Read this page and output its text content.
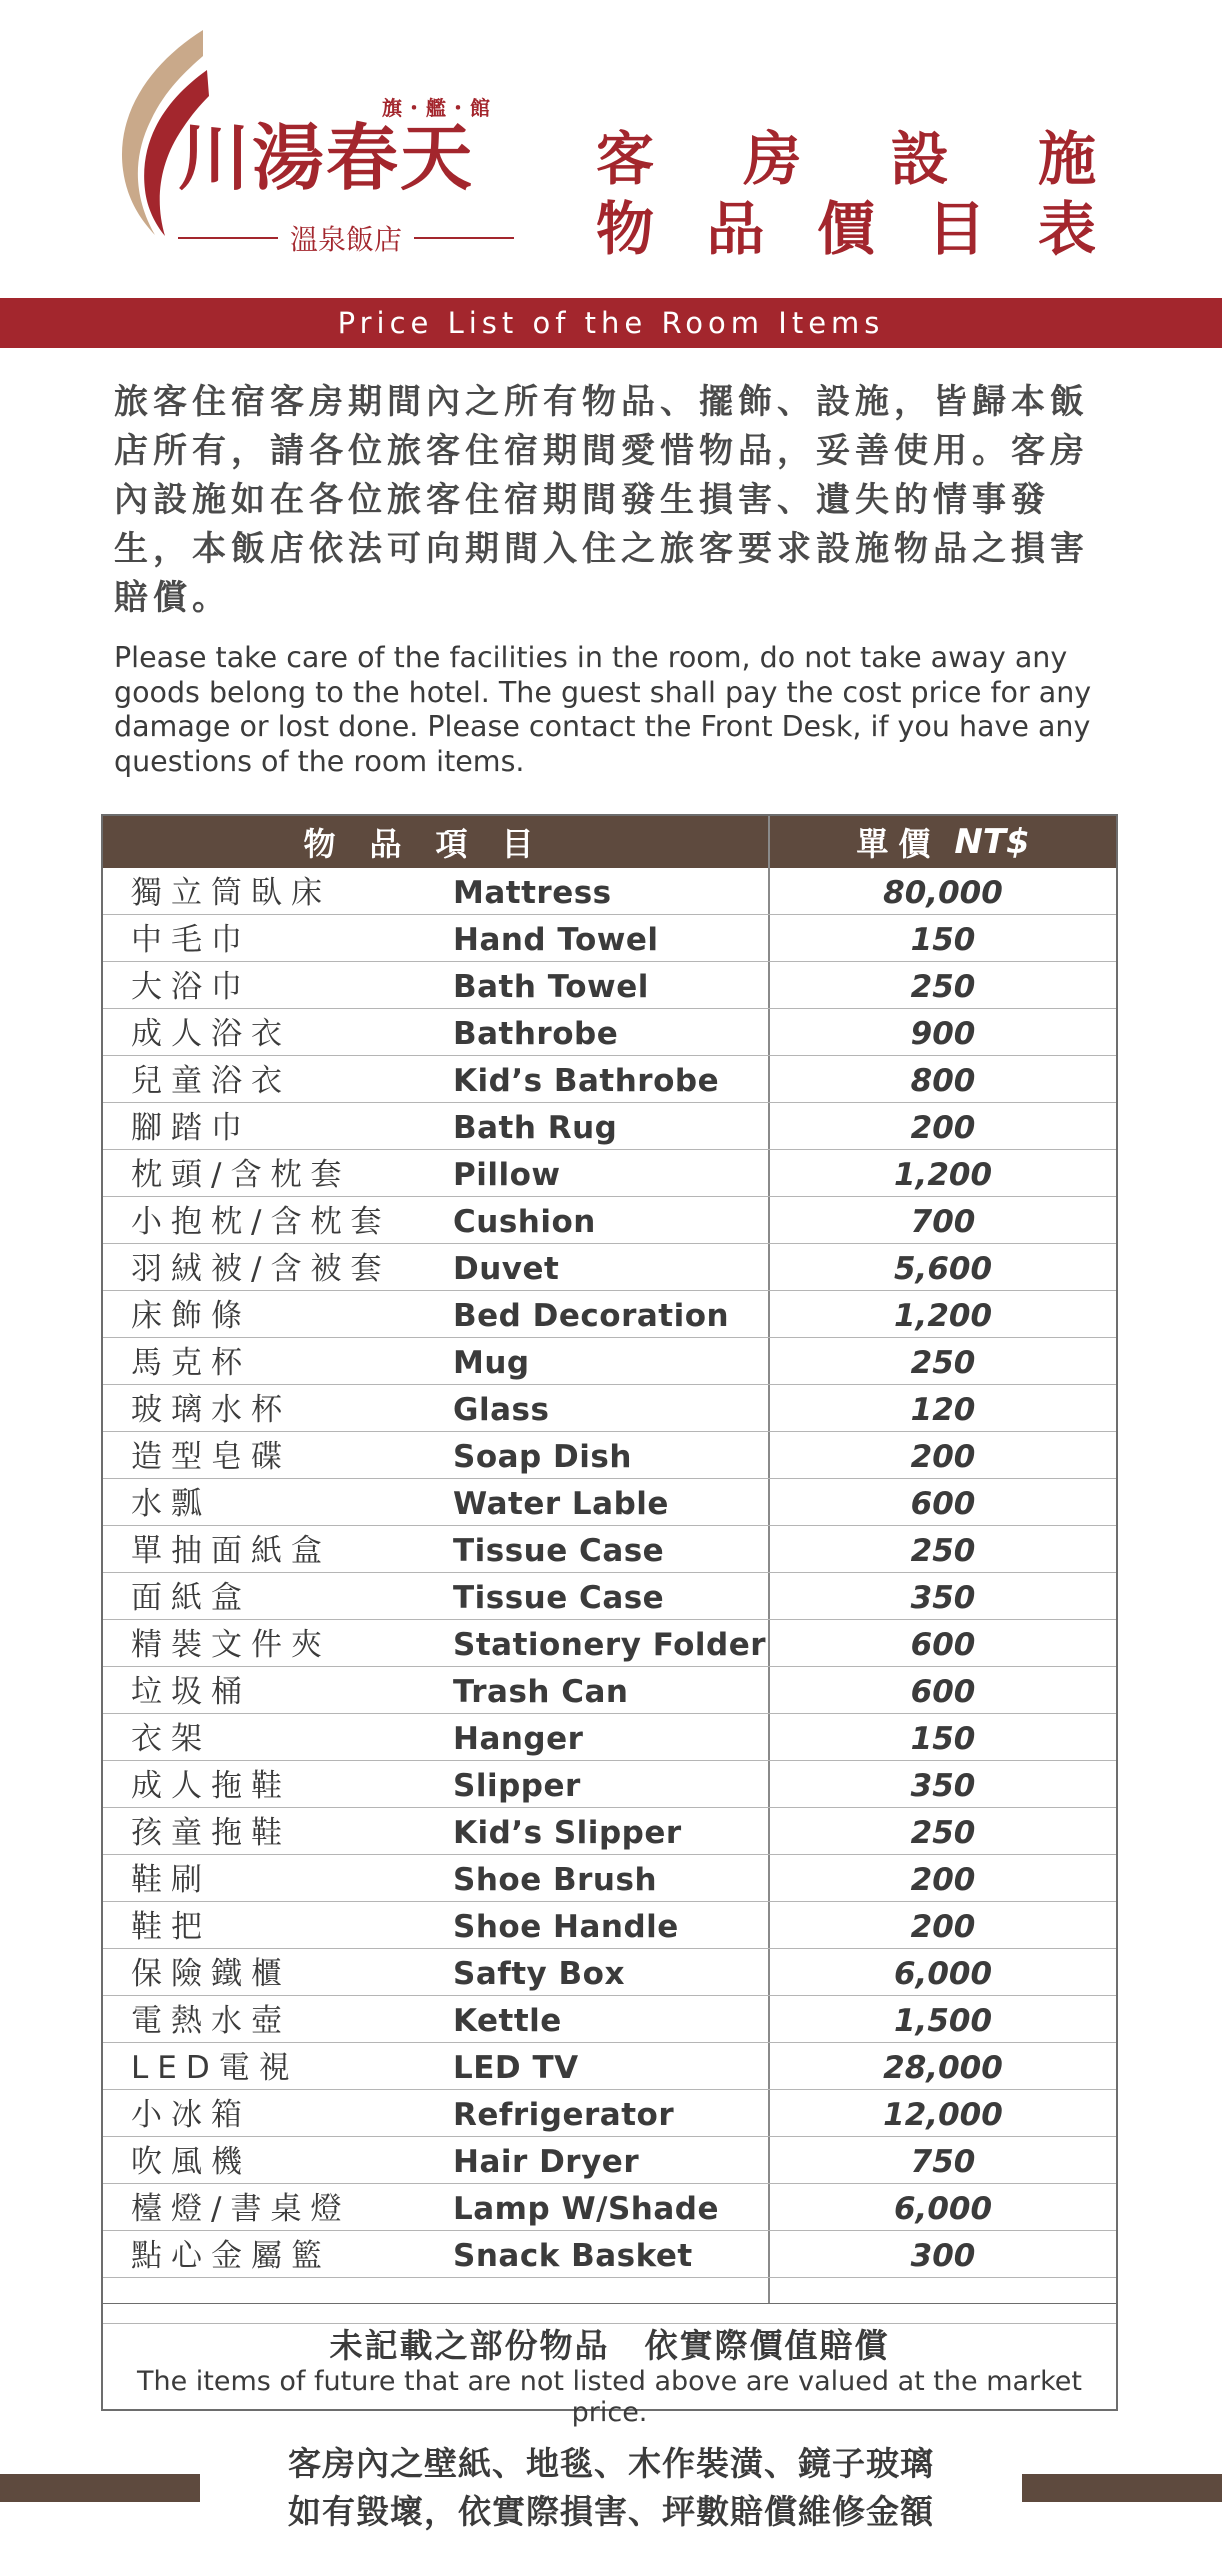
旗・艦・館
川湯春天
溫泉飯店
客 房 設 施
物 品 價 目 表
Price List of the Room Items
旅客住宿客房期間內之所有物品、擺飾、設施，皆歸本飯店所有，請各位旅客住宿期間愛惜物品，妥善使用。客房內設施如在各位旅客住宿期間發生損害、遺失的情事發生，本飯店依法可向期間入住之旅客要求設施物品之損害賠償。
Please take care of the facilities in the room, do not take away any goods belong to the hotel. The guest shall pay the cost price for any damage or lost done. Please contact the Front Desk, if you have any questions of the room items.
物品項目	單價 NT$
獨立筒臥床	Mattress	80,000
中毛巾	Hand Towel	150
大浴巾	Bath Towel	250
成人浴衣	Bathrobe	900
兒童浴衣	Kid’s Bathrobe	800
腳踏巾	Bath Rug	200
枕頭/含枕套	Pillow	1,200
小抱枕/含枕套 Cushion	700
羽絨被/含被套 Duvet	5,600
床飾條	Bed Decoration	1,200
馬克杯	Mug	250
玻璃水杯	Glass	120
造型皂碟	Soap Dish	200
水瓢	Water Lable	600
單抽面紙盒	Tissue Case	250
面紙盒	Tissue Case	350
精裝文件夾	Stationery Folder	600
垃圾桶	Trash Can	600
衣架	Hanger	150
成人拖鞋	Slipper	350
孩童拖鞋	Kid’s Slipper	250
鞋刷	Shoe Brush	200
鞋把	Shoe Handle	200
保險鐵櫃	Safty Box	6,000
電熱水壺	Kettle	1,500
LED電視	LED TV	28,000
小冰箱	Refrigerator	12,000
吹風機	Hair Dryer	750
檯燈/書桌燈	Lamp W/Shade	6,000
點心金屬籃	Snack Basket	300
未記載之部份物品　依實際價值賠償
The items of future that are not listed above are valued at the market price.
客房內之壁紙、地毯、木作裝潢、鏡子玻璃
如有毀壞，依實際損害、坪數賠償維修金額
